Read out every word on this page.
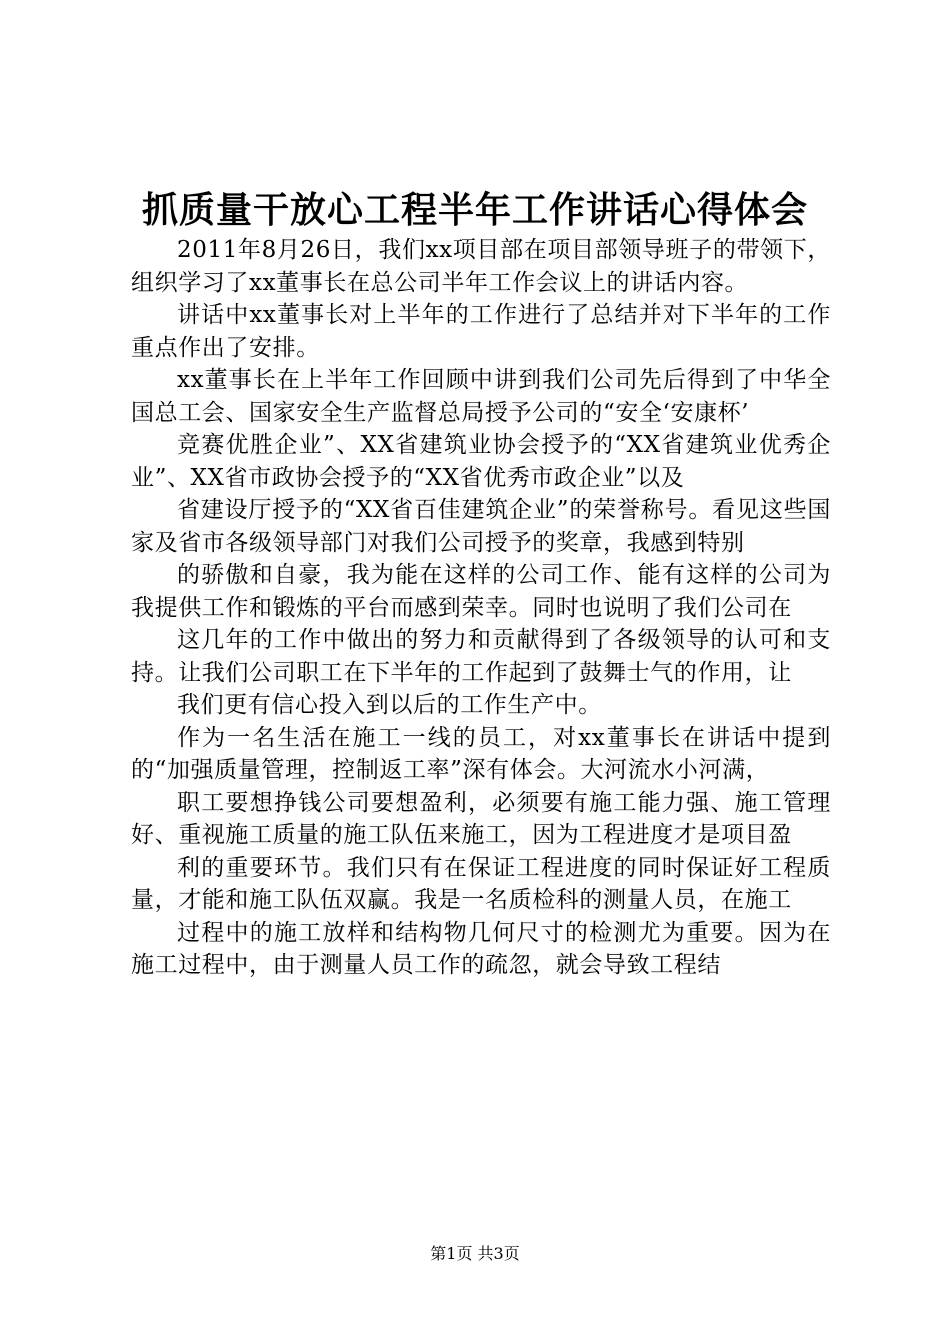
抓质量干放心工程半年工作讲话心得体会

2011年8月26日，我们xx项目部在项目部领导班子的带领下，组织学习了xx董事长在总公司半年工作会议上的讲话内容。

讲话中xx董事长对上半年的工作进行了总结并对下半年的工作重点作出了安排。

xx董事长在上半年工作回顾中讲到我们公司先后得到了中华全国总工会、国家安全生产监督总局授予公司的“安全‘安康杯’

竞赛优胜企业”、XX省建筑业协会授予的“XX省建筑业优秀企业”、XX省市政协会授予的“XX省优秀市政企业”以及

省建设厅授予的“XX省百佳建筑企业”的荣誉称号。看见这些国家及省市各级领导部门对我们公司授予的奖章，我感到特别

的骄傲和自豪，我为能在这样的公司工作、能有这样的公司为我提供工作和锻炼的平台而感到荣幸。同时也说明了我们公司在

这几年的工作中做出的努力和贡献得到了各级领导的认可和支持。让我们公司职工在下半年的工作起到了鼓舞士气的作用，让

我们更有信心投入到以后的工作生产中。

作为一名生活在施工一线的员工，对xx董事长在讲话中提到的“加强质量管理，控制返工率”深有体会。大河流水小河满，

职工要想挣钱公司要想盈利，必须要有施工能力强、施工管理好、重视施工质量的施工队伍来施工，因为工程进度才是项目盈

利的重要环节。我们只有在保证工程进度的同时保证好工程质量，才能和施工队伍双赢。我是一名质检科的测量人员，在施工

过程中的施工放样和结构物几何尺寸的检测尤为重要。因为在施工过程中，由于测量人员工作的疏忽，就会导致工程结

第1页 共3页
